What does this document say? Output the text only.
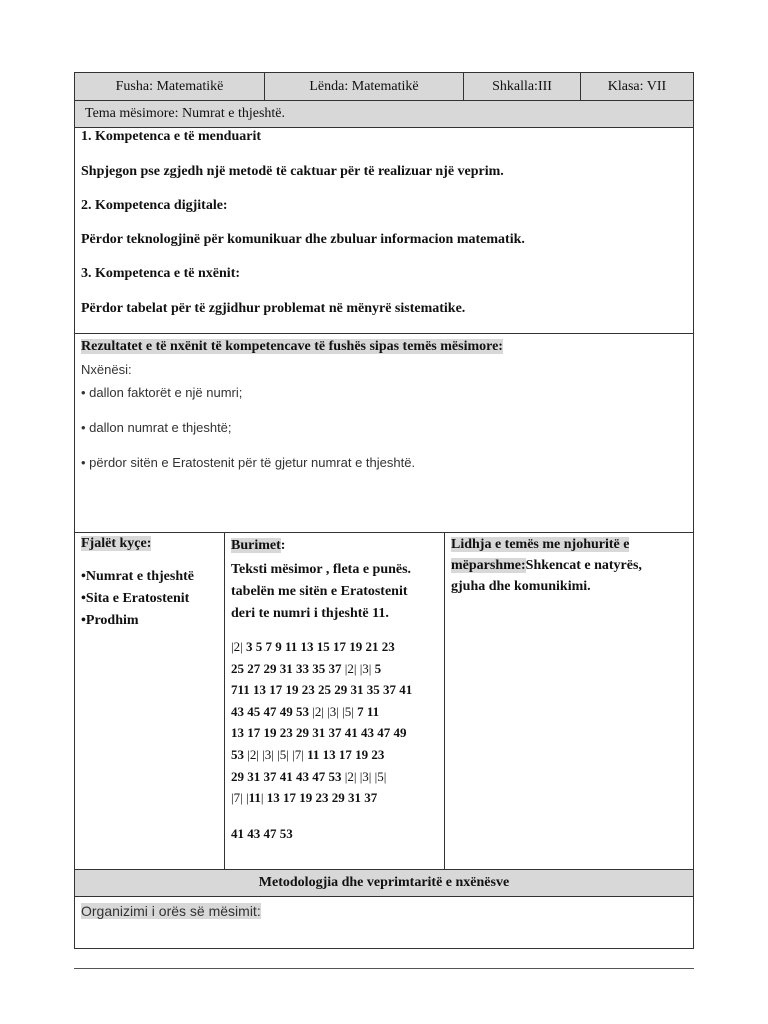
Fusha: Matematikë	Lënda: Matematikë	Shkalla:III	Klasa: VII
Tema mësimore: Numrat e thjeshtë.
1. Kompetenca e të menduarit
Shpjegon pse zgjedh një metodë të caktuar për të realizuar një veprim.
2. Kompetenca digjitale:
Përdor teknologjinë për komunikuar dhe zbuluar informacion matematik.
3. Kompetenca e të nxënit:
Përdor tabelat për të zgjidhur problemat në mënyrë sistematike.
Rezultatet e të nxënit të kompetencave të fushës sipas temës mësimore:
Nxënësi:
• dallon faktorët e një numri;
• dallon numrat e thjeshtë;
• përdor sitën e Eratostenit për të gjetur numrat e thjeshtë.
Fjalët kyçe:
•Numrat e thjeshtë
•Sita e Eratostenit
•Prodhim
Burimet:
Teksti mësimor , fleta e punës.
tabelën me sitën e Eratostenit
deri te numri i thjeshtë 11.
|2| 3 5 7 9 11 13 15 17 19 21 23
25 27 29 31 33 35 37 |2| |3| 5
711 13 17 19 23 25 29 31 35 37 41
43 45 47 49 53 |2| |3| |5| 7 11
13 17 19 23 29 31 37 41 43 47 49
53 |2| |3| |5| |7| 11 13 17 19 23
29 31 37 41 43 47 53 |2| |3| |5|
|7| |11| 13 17 19 23 29 31 37
41 43 47 53
Lidhja e temës me njohuritë e
mëparshme:Shkencat e natyrës,
gjuha dhe komunikimi.
Metodologjia dhe veprimtaritë e nxënësve
Organizimi i orës së mësimit:
